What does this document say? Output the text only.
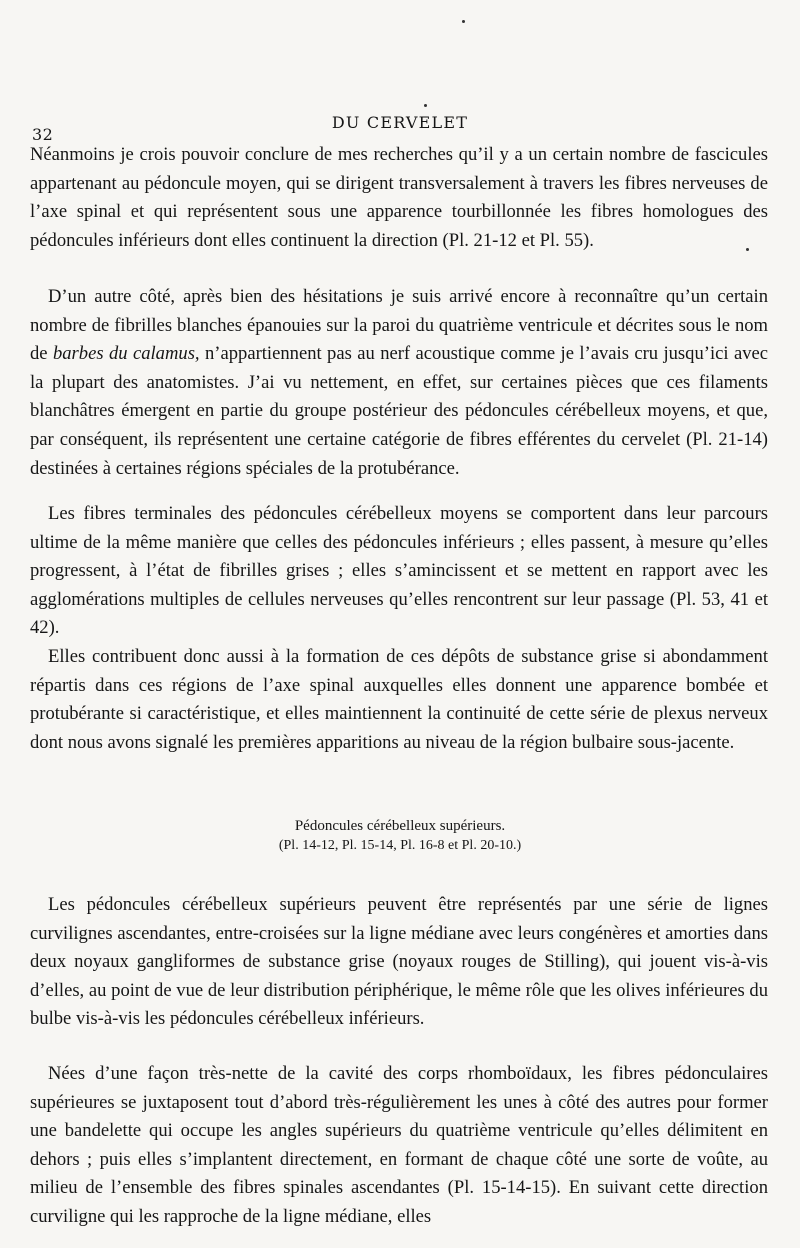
32
DU CERVELET

Néanmoins je crois pouvoir conclure de mes recherches qu’il y a un certain nombre de fascicules appartenant au pédoncule moyen, qui se dirigent transversalement à travers les fibres nerveuses de l’axe spinal et qui représentent sous une apparence tourbillonnée les fibres homologues des pédoncules inférieurs dont elles continuent la direction (Pl. 21-12 et Pl. 55).

D’un autre côté, après bien des hésitations je suis arrivé encore à reconnaître qu’un certain nombre de fibrilles blanches épanouies sur la paroi du quatrième ventricule et décrites sous le nom de barbes du calamus, n’appartiennent pas au nerf acoustique comme je l’avais cru jusqu’ici avec la plupart des anatomistes. J’ai vu nettement, en effet, sur certaines pièces que ces filaments blanchâtres émergent en partie du groupe postérieur des pédoncules cérébelleux moyens, et que, par conséquent, ils représentent une certaine catégorie de fibres efférentes du cervelet (Pl. 21-14) destinées à certaines régions spéciales de la protubérance.

Les fibres terminales des pédoncules cérébelleux moyens se comportent dans leur parcours ultime de la même manière que celles des pédoncules inférieurs ; elles passent, à mesure qu’elles progressent, à l’état de fibrilles grises ; elles s’amincissent et se mettent en rapport avec les agglomérations multiples de cellules nerveuses qu’elles rencontrent sur leur passage (Pl. 53, 41 et 42).

Elles contribuent donc aussi à la formation de ces dépôts de substance grise si abondamment répartis dans ces régions de l’axe spinal auxquelles elles donnent une apparence bombée et protubérante si caractéristique, et elles maintiennent la continuité de cette série de plexus nerveux dont nous avons signalé les premières apparitions au niveau de la région bulbaire sous-jacente.

Pédoncules cérébelleux supérieurs.
(Pl. 14-12, Pl. 15-14, Pl. 16-8 et Pl. 20-10.)

Les pédoncules cérébelleux supérieurs peuvent être représentés par une série de lignes curvilignes ascendantes, entre-croisées sur la ligne médiane avec leurs congénères et amorties dans deux noyaux gangliformes de substance grise (noyaux rouges de Stilling), qui jouent vis-à-vis d’elles, au point de vue de leur distribution périphérique, le même rôle que les olives inférieures du bulbe vis-à-vis les pédoncules cérébelleux inférieurs.

Nées d’une façon très-nette de la cavité des corps rhomboïdaux, les fibres pédonculaires supérieures se juxtaposent tout d’abord très-régulièrement les unes à côté des autres pour former une bandelette qui occupe les angles supérieurs du quatrième ventricule qu’elles délimitent en dehors ; puis elles s’implantent directement, en formant de chaque côté une sorte de voûte, au milieu de l’ensemble des fibres spinales ascendantes (Pl. 15-14-15). En suivant cette direction curviligne qui les rapproche de la ligne médiane, elles
